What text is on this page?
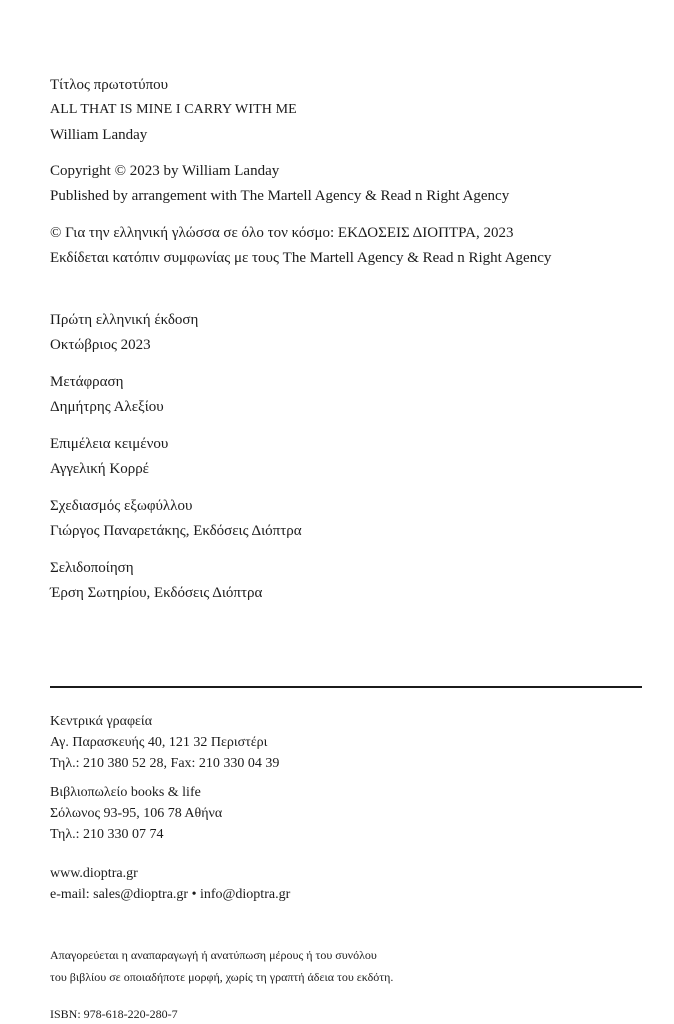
Τίτλος πρωτοτύπου
ALL THAT IS MINE I CARRY WITH ME
William Landay
Copyright © 2023 by William Landay
Published by arrangement with The Martell Agency & Read n Right Agency
© Για την ελληνική γλώσσα σε όλο τον κόσμο: ΕΚΔΟΣΕΙΣ ΔΙΟΠΤΡΑ, 2023
Εκδίδεται κατόπιν συμφωνίας με τους The Martell Agency & Read n Right Agency
Πρώτη ελληνική έκδοση
Οκτώβριος 2023
Μετάφραση
Δημήτρης Αλεξίου
Επιμέλεια κειμένου
Αγγελική Κορρέ
Σχεδιασμός εξωφύλλου
Γιώργος Παναρετάκης, Εκδόσεις Διόπτρα
Σελιδοποίηση
Έρση Σωτηρίου, Εκδόσεις Διόπτρα
Κεντρικά γραφεία
Αγ. Παρασκευής 40, 121 32 Περιστέρι
Τηλ.: 210 380 52 28, Fax: 210 330 04 39
Βιβλιοπωλείο books & life
Σόλωνος 93-95, 106 78 Αθήνα
Τηλ.: 210 330 07 74
www.dioptra.gr
e-mail: sales@dioptra.gr • info@dioptra.gr
Απαγορεύεται η αναπαραγωγή ή ανατύπωση μέρους ή του συνόλου
του βιβλίου σε οποιαδήποτε μορφή, χωρίς τη γραπτή άδεια του εκδότη.
ISBN: 978-618-220-280-7
